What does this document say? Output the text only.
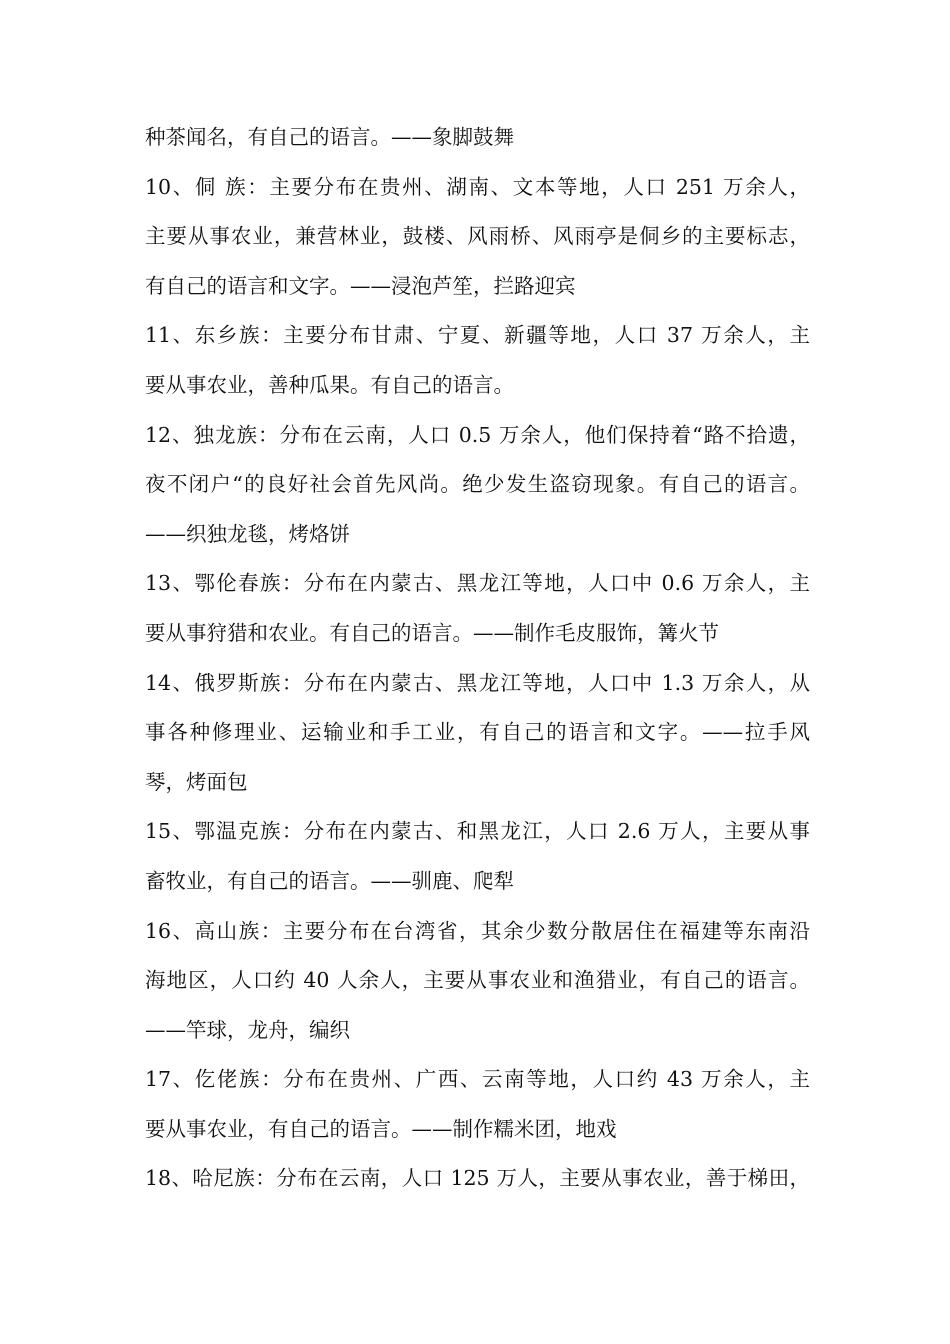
种茶闻名，有自己的语言。——象脚鼓舞
10、侗 族：主要分布在贵州、湖南、文本等地，人口 251 万余人，
主要从事农业，兼营林业，鼓楼、风雨桥、风雨亭是侗乡的主要标志，
有自己的语言和文字。——浸泡芦笙，拦路迎宾
11、东乡族：主要分布甘肃、宁夏、新疆等地，人口 37 万余人，主
要从事农业，善种瓜果。有自己的语言。
12、独龙族：分布在云南，人口 0.5 万余人，他们保持着“路不拾遗，
夜不闭户“的良好社会首先风尚。绝少发生盗窃现象。有自己的语言。
——织独龙毯，烤烙饼
13、鄂伦春族：分布在内蒙古、黑龙江等地，人口中 0.6 万余人，主
要从事狩猎和农业。有自己的语言。——制作毛皮服饰，篝火节
14、俄罗斯族：分布在内蒙古、黑龙江等地，人口中 1.3 万余人，从
事各种修理业、运输业和手工业，有自己的语言和文字。——拉手风
琴，烤面包
15、鄂温克族：分布在内蒙古、和黑龙江，人口 2.6 万人，主要从事
畜牧业，有自己的语言。——驯鹿、爬犁
16、高山族：主要分布在台湾省，其余少数分散居住在福建等东南沿
海地区，人口约 40 人余人，主要从事农业和渔猎业，有自己的语言。
——竿球，龙舟，编织
17、仡佬族：分布在贵州、广西、云南等地，人口约 43 万余人，主
要从事农业，有自己的语言。——制作糯米团，地戏
18、哈尼族：分布在云南，人口 125 万人，主要从事农业，善于梯田，
